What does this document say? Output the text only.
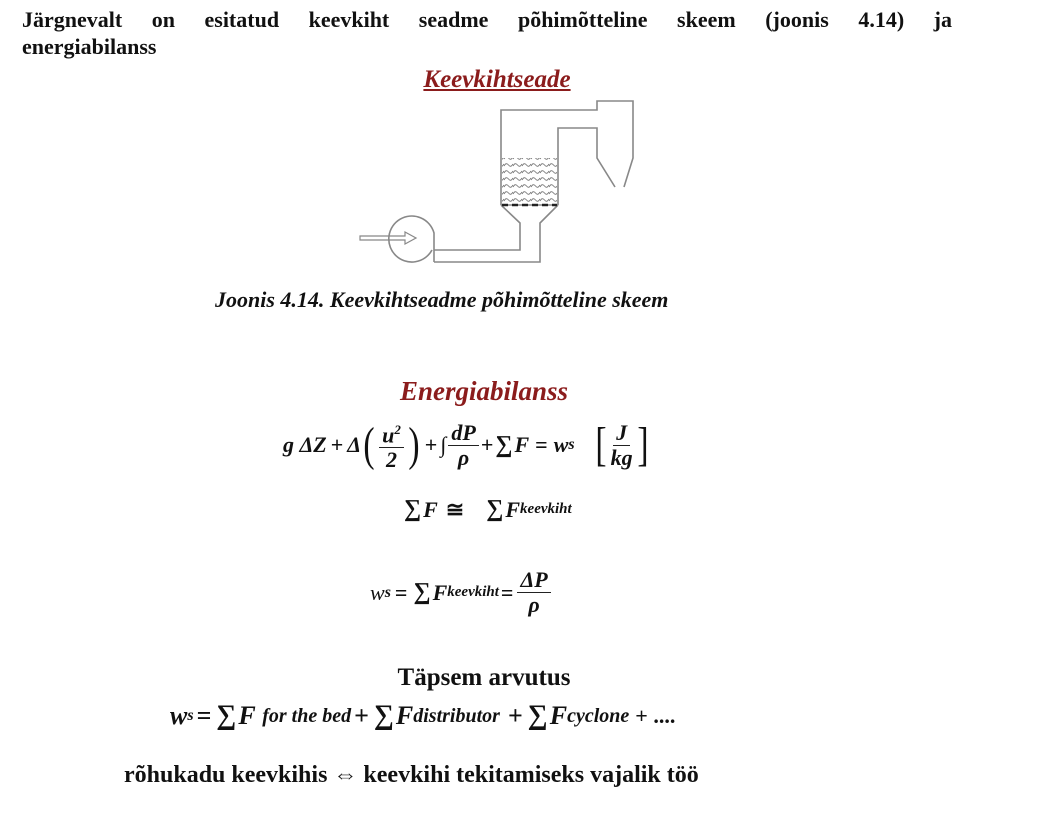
Järgnevalt on esitatud keevkiht seadme põhimõtteline skeem (joonis 4.14) ja
energiabilanss
Keevkihtseade
Joonis 4.14. Keevkihtseadme põhimõtteline skeem
Energiabilanss
g
ΔZ + Δ ( $\frac{u^2}{2}$ ) + ∫ $\frac{dP}{\rho}$ + ∑ F = w s [ $\frac{J}{kg}$ ]
∑ F ≅ ∑ F keevkiht
w s = ∑ F keevkiht = $\frac{\Delta P}{\rho}$
Täpsem arvutus
w s = ∑ F
for the bed + ∑ F distributor + ∑ F cyclone + ....
rõhukadu keevkihis ⇔ keevkihi tekitamiseks vajalik töö
